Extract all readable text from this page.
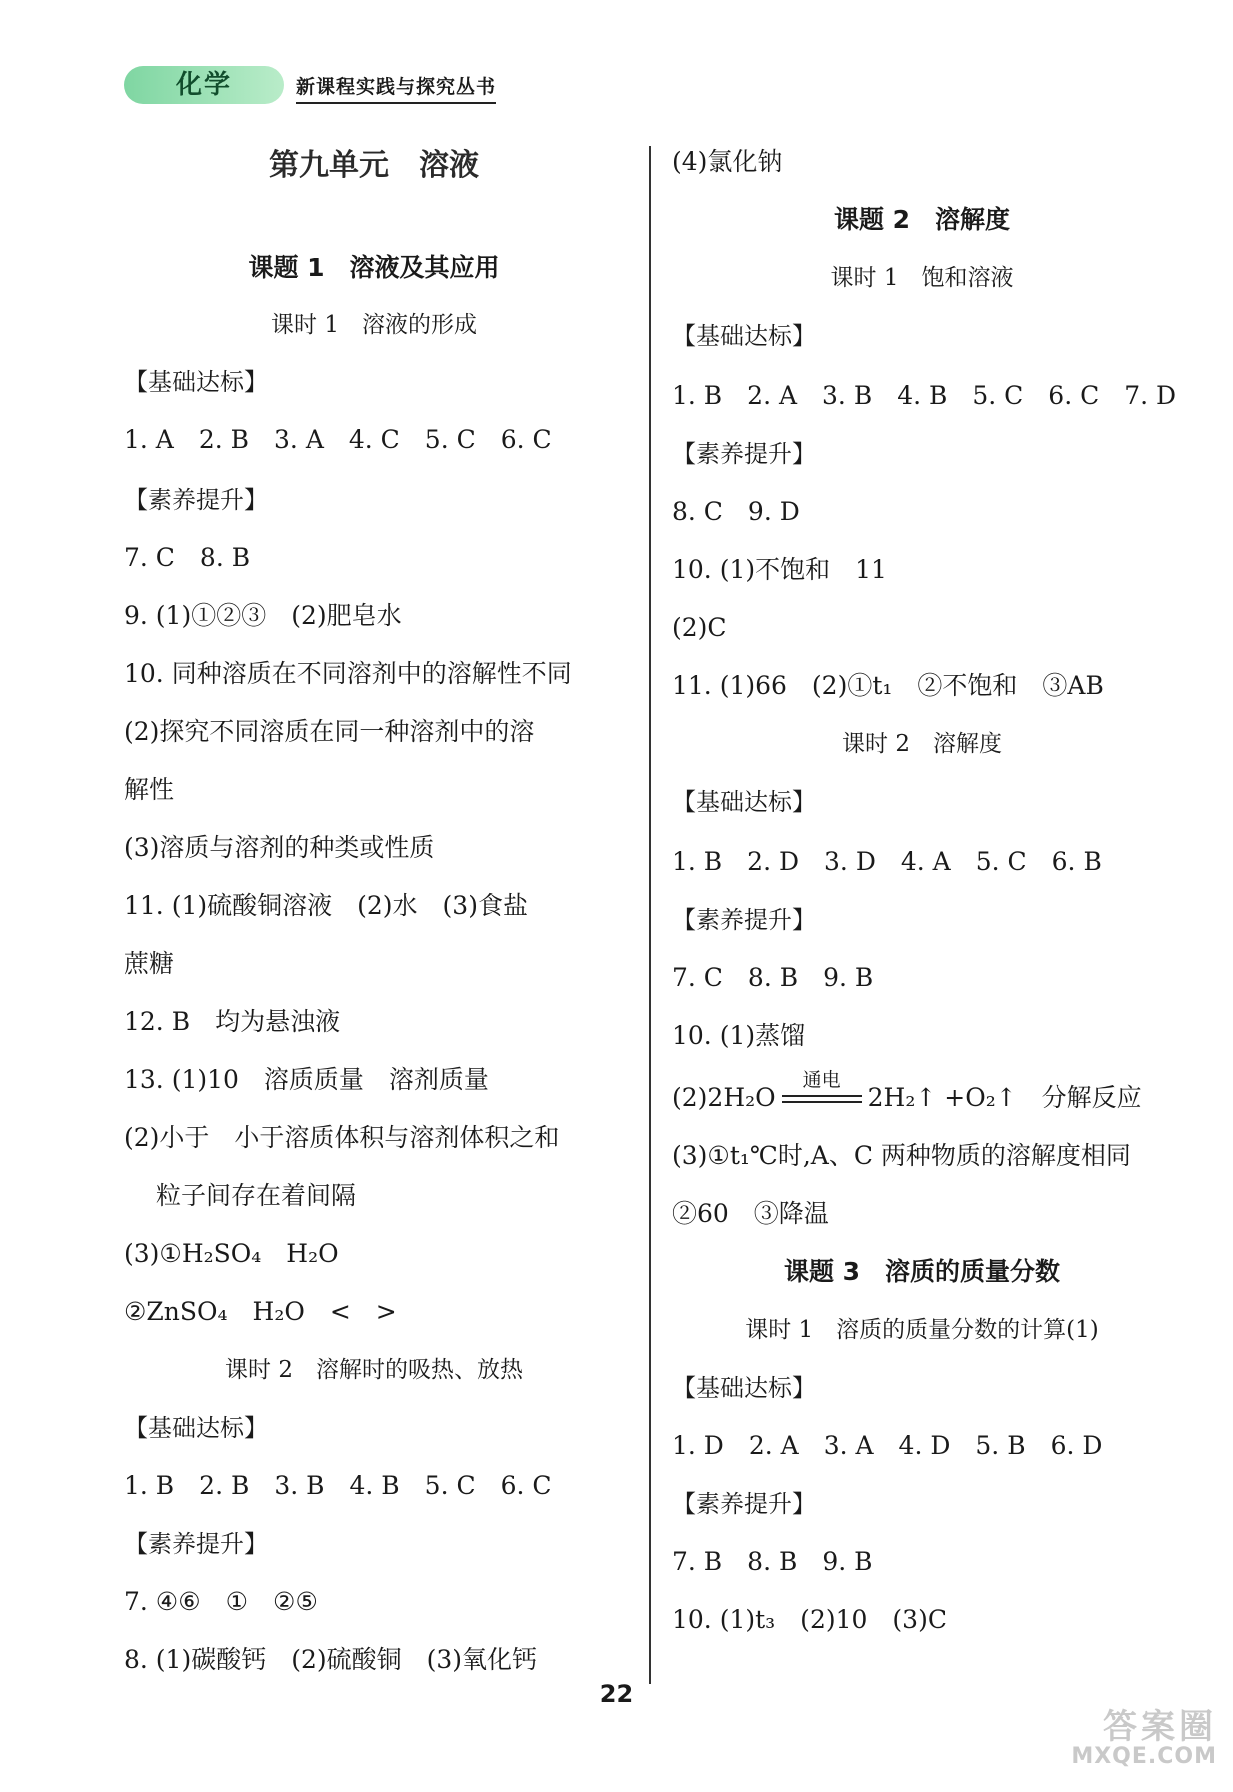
化学	新课程实践与探究丛书
第九单元　溶液
课题 1　溶液及其应用
课时 1　溶液的形成
【基础达标】
1. A　2. B　3. A　4. C　5. C　6. C
【素养提升】
7. C　8. B
9. (1)①②③　(2)肥皂水
10. 同种溶质在不同溶剂中的溶解性不同
(2)探究不同溶质在同一种溶剂中的溶
解性
(3)溶质与溶剂的种类或性质
11. (1)硫酸铜溶液　(2)水　(3)食盐
蔗糖
12. B　均为悬浊液
13. (1)10　溶质质量　溶剂质量
(2)小于　小于溶质体积与溶剂体积之和
粒子间存在着间隔
(3)①H₂SO₄　H₂O
②ZnSO₄　H₂O　<　>
课时 2　溶解时的吸热、放热
【基础达标】
1. B　2. B　3. B　4. B　5. C　6. C
【素养提升】
7. ④⑥　①　②⑤
8. (1)碳酸钙　(2)硫酸铜　(3)氧化钙
(4)氯化钠
课题 2　溶解度
课时 1　饱和溶液
【基础达标】
1. B　2. A　3. B　4. B　5. C　6. C　7. D
【素养提升】
8. C　9. D
10. (1)不饱和　11
(2)C
11. (1)66　(2)①t₁　②不饱和　③AB
课时 2　溶解度
【基础达标】
1. B　2. D　3. D　4. A　5. C　6. B
【素养提升】
7. C　8. B　9. B
10. (1)蒸馏
(2)2H₂O
通电
2H₂↑ +O₂↑　分解反应
(3)①t₁℃时,A、C 两种物质的溶解度相同
②60　③降温
课题 3　溶质的质量分数
课时 1　溶质的质量分数的计算(1)
【基础达标】
1. D　2. A　3. A　4. D　5. B　6. D
【素养提升】
7. B　8. B　9. B
10. (1)t₃　(2)10　(3)C
22
答案圈
MXQE.COM
